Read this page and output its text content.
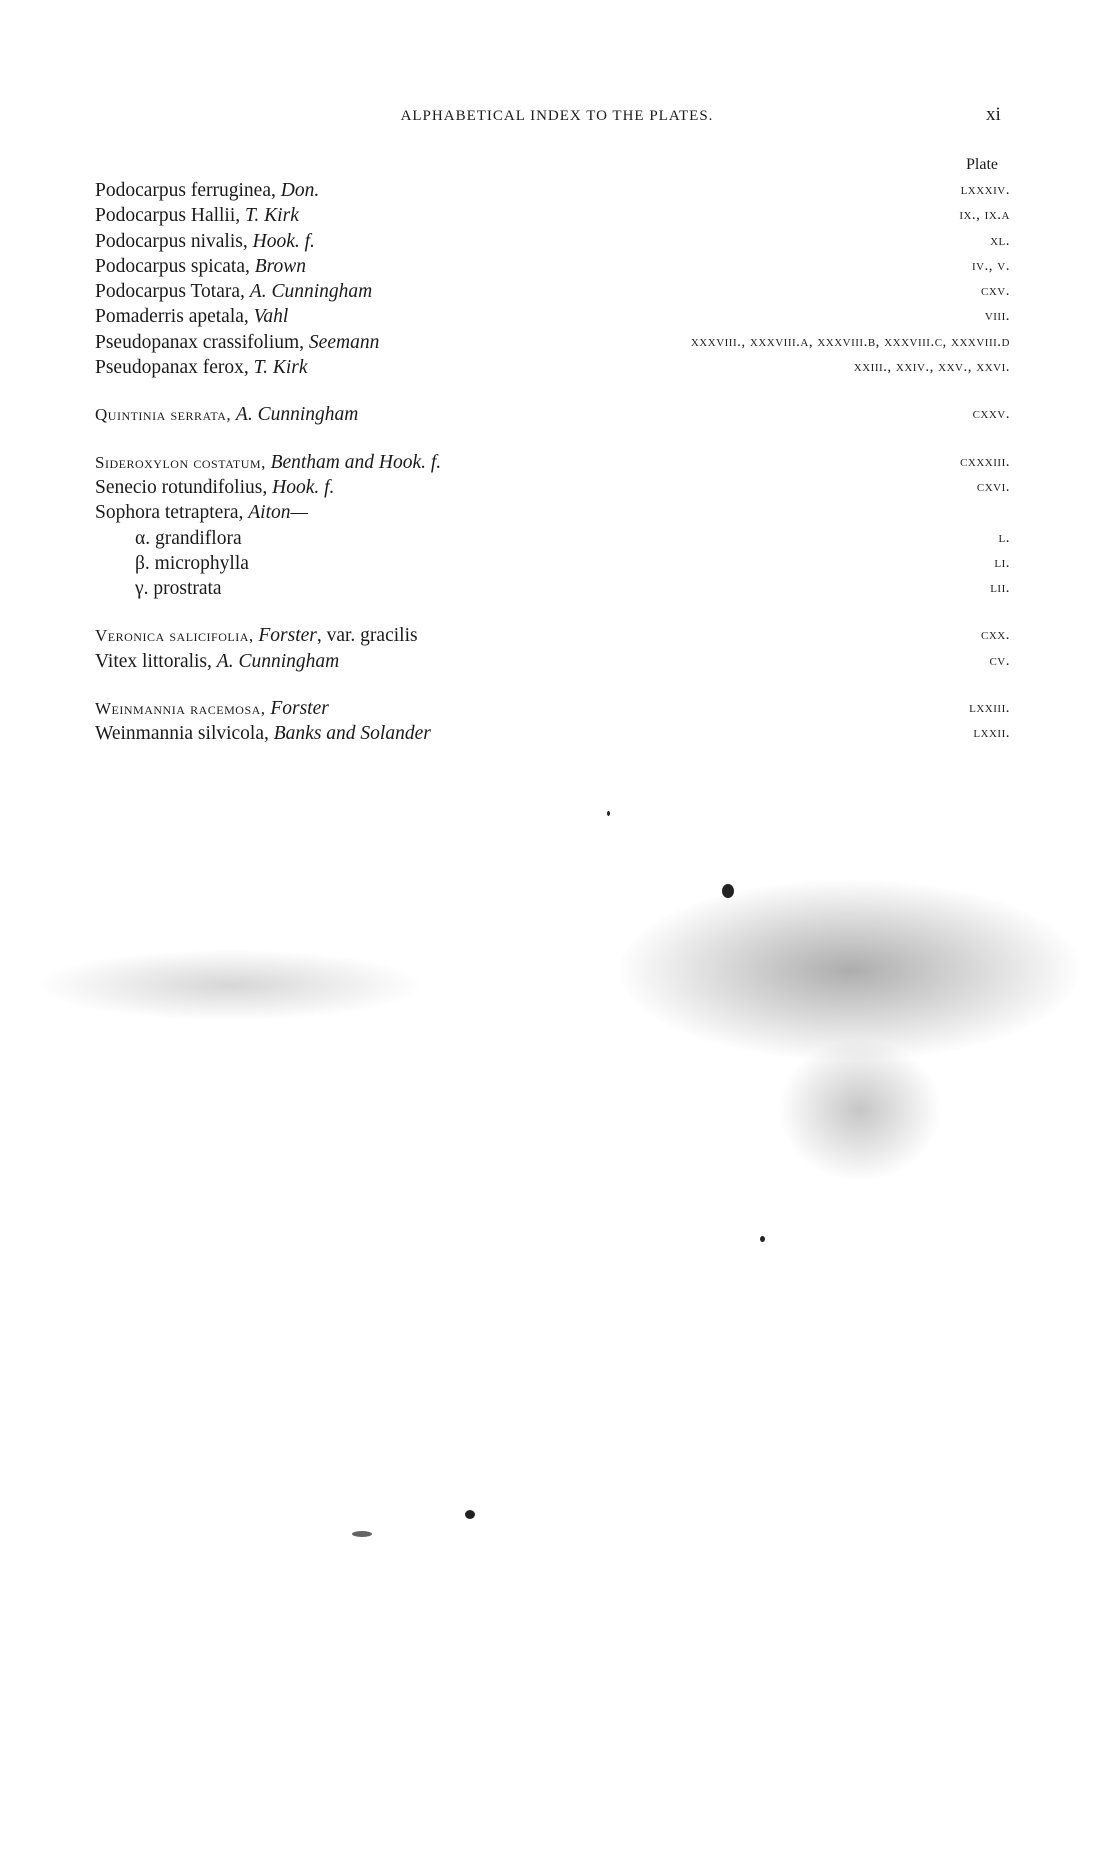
ALPHABETICAL INDEX TO THE PLATES.	xi
Plate
Podocarpus ferruginea, Don.	lxxxiv.
Podocarpus Hallii, T. Kirk	ix., ix.a
Podocarpus nivalis, Hook. f.	xl.
Podocarpus spicata, Brown	iv., v.
Podocarpus Totara, A. Cunningham	cxv.
Pomaderris apetala, Vahl	viii.
Pseudopanax crassifolium, Seemann	xxxviii., xxxviii.a, xxxviii.b, xxxviii.c, xxxviii.d
Pseudopanax ferox, T. Kirk	xxiii., xxiv., xxv., xxvi.
Quintinia serrata, A. Cunningham	cxxv.
Sideroxylon costatum, Bentham and Hook. f.	cxxxiii.
Senecio rotundifolius, Hook. f.	cxvi.
Sophora tetraptera, Aiton—
α. grandiflora	l.
β. microphylla	li.
γ. prostrata	lii.
Veronica salicifolia, Forster, var. gracilis	cxx.
Vitex littoralis, A. Cunningham	cv.
Weinmannia racemosa, Forster	lxxiii.
Weinmannia silvicola, Banks and Solander	lxxii.
